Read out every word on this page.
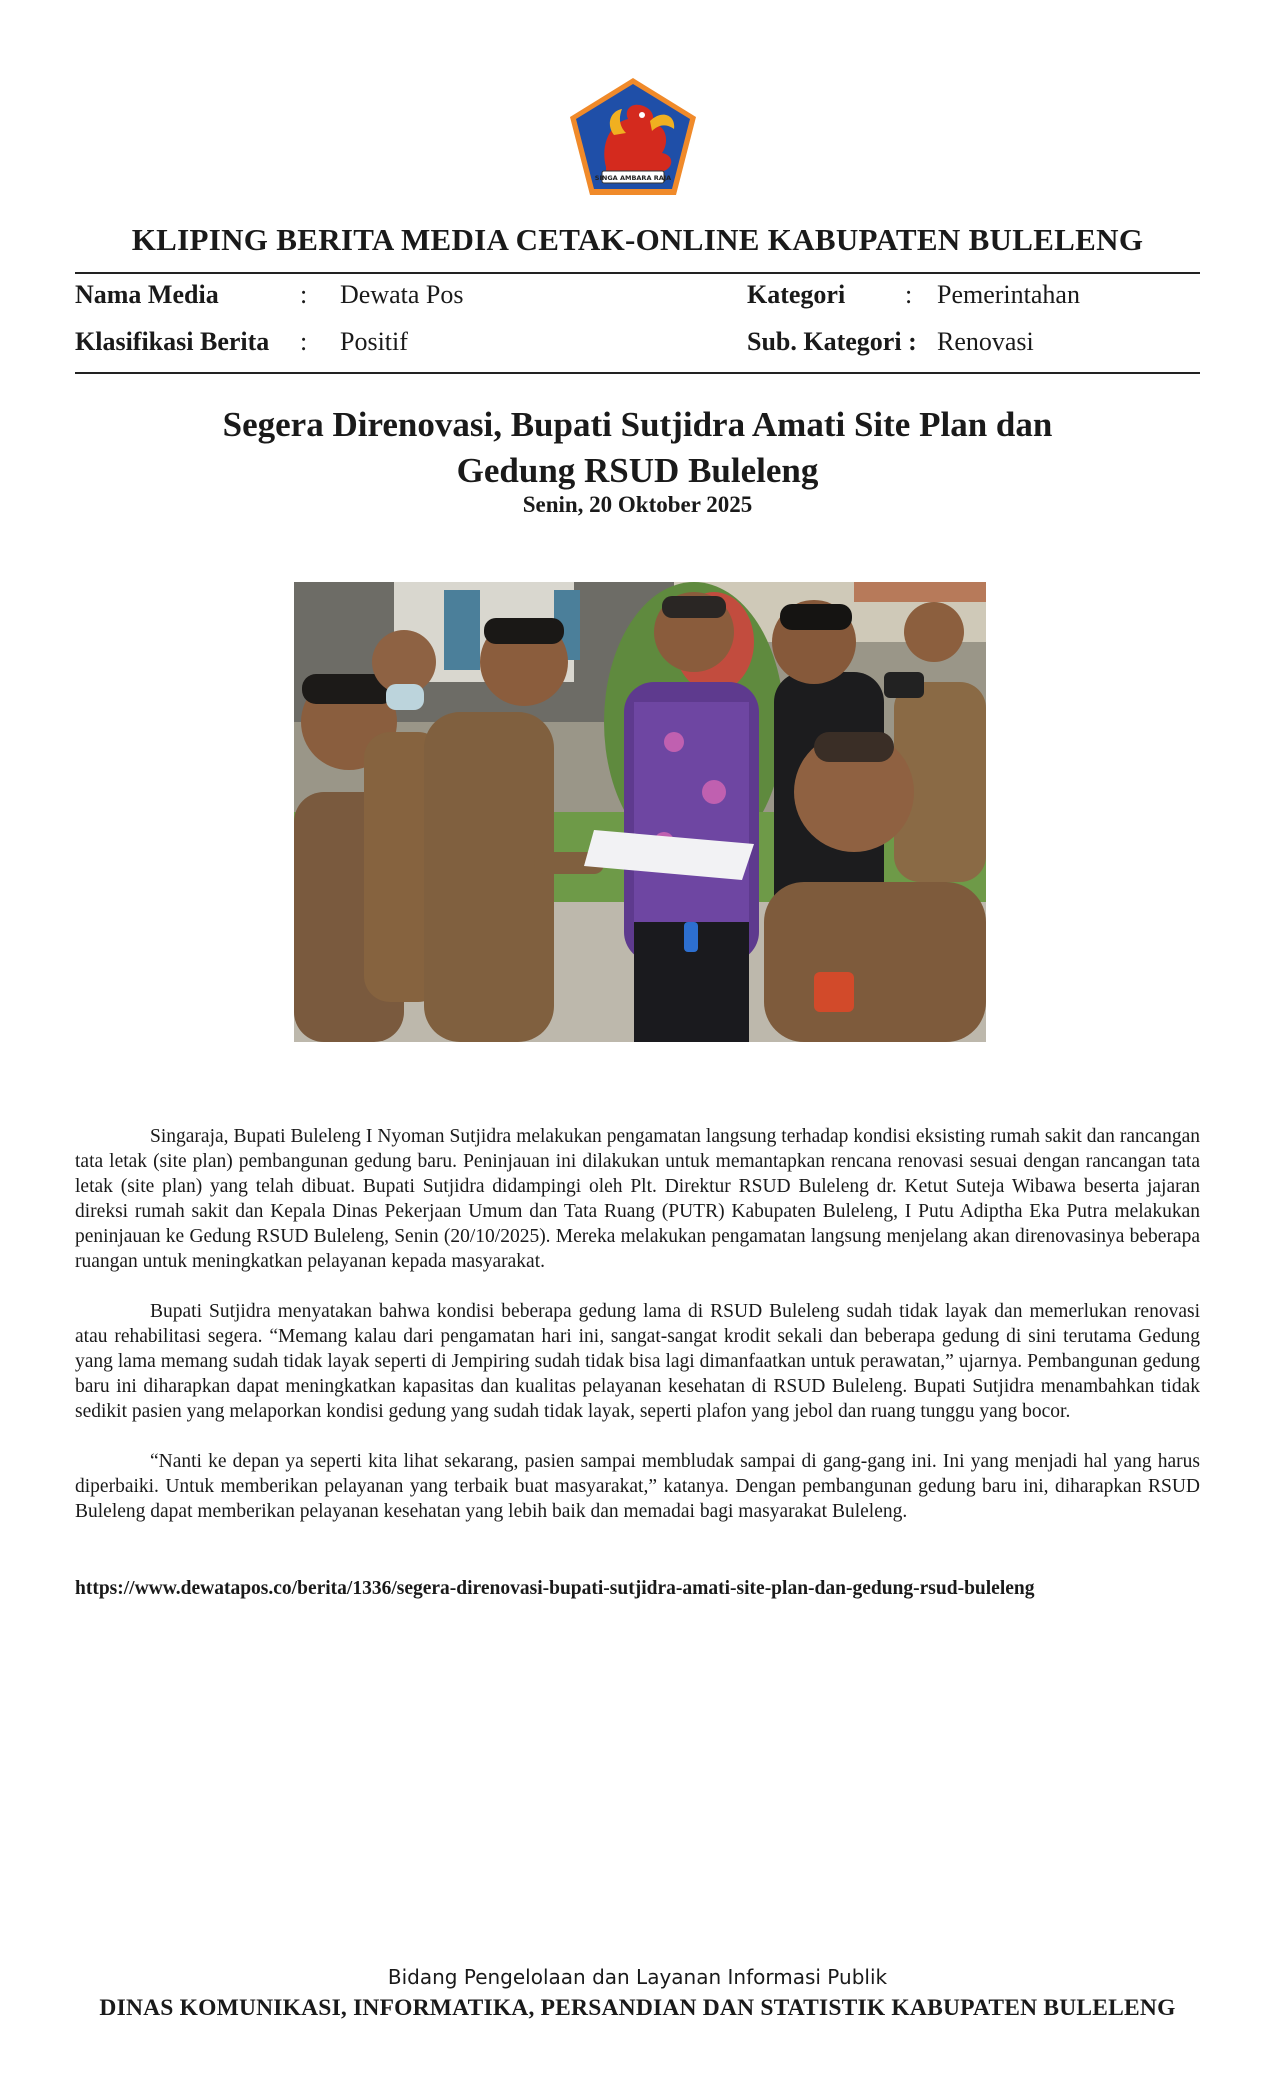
SINGA AMBARA RAJA
KLIPING BERITA MEDIA CETAK-ONLINE KABUPATEN BULELENG
Nama Media	: Dewata Pos	Kategori : Pemerintahan
Klasifikasi Berita : Positif	Sub. Kategori : Renovasi
Segera Direnovasi, Bupati Sutjidra Amati Site Plan dan
Gedung RSUD Buleleng
Senin, 20 Oktober 2025

Singaraja, Bupati Buleleng I Nyoman Sutjidra melakukan pengamatan langsung terhadap kondisi eksisting rumah sakit dan rancangan tata letak (site plan) pembangunan gedung baru. Peninjauan ini dilakukan untuk memantapkan rencana renovasi sesuai dengan rancangan tata letak (site plan) yang telah dibuat. Bupati Sutjidra didampingi oleh Plt. Direktur RSUD Buleleng dr. Ketut Suteja Wibawa beserta jajaran direksi rumah sakit dan Kepala Dinas Pekerjaan Umum dan Tata Ruang (PUTR) Kabupaten Buleleng, I Putu Adiptha Eka Putra melakukan peninjauan ke Gedung RSUD Buleleng, Senin (20/10/2025). Mereka melakukan pengamatan langsung menjelang akan direnovasinya beberapa ruangan untuk meningkatkan pelayanan kepada masyarakat.

Bupati Sutjidra menyatakan bahwa kondisi beberapa gedung lama di RSUD Buleleng sudah tidak layak dan memerlukan renovasi atau rehabilitasi segera. “Memang kalau dari pengamatan hari ini, sangat-sangat krodit sekali dan beberapa gedung di sini terutama Gedung yang lama memang sudah tidak layak seperti di Jempiring sudah tidak bisa lagi dimanfaatkan untuk perawatan,” ujarnya. Pembangunan gedung baru ini diharapkan dapat meningkatkan kapasitas dan kualitas pelayanan kesehatan di RSUD Buleleng. Bupati Sutjidra menambahkan tidak sedikit pasien yang melaporkan kondisi gedung yang sudah tidak layak, seperti plafon yang jebol dan ruang tunggu yang bocor.

“Nanti ke depan ya seperti kita lihat sekarang, pasien sampai membludak sampai di gang-gang ini. Ini yang menjadi hal yang harus diperbaiki. Untuk memberikan pelayanan yang terbaik buat masyarakat,” katanya. Dengan pembangunan gedung baru ini, diharapkan RSUD Buleleng dapat memberikan pelayanan kesehatan yang lebih baik dan memadai bagi masyarakat Buleleng.

https://www.dewatapos.co/berita/1336/segera-direnovasi-bupati-sutjidra-amati-site-plan-dan-gedung-rsud-buleleng
Bidang Pengelolaan dan Layanan Informasi Publik
DINAS KOMUNIKASI, INFORMATIKA, PERSANDIAN DAN STATISTIK KABUPATEN BULELENG
